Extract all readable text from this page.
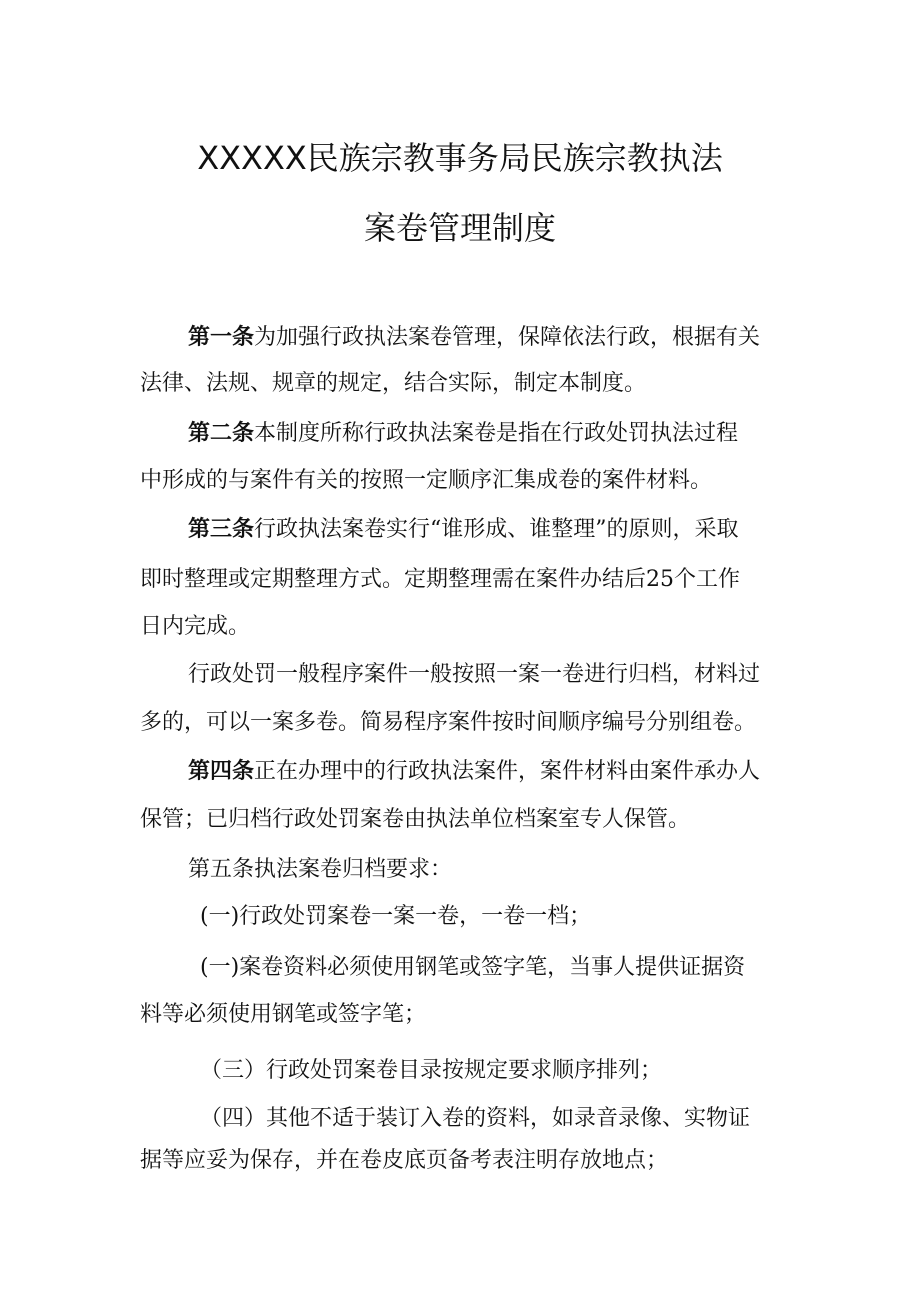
XXXXX民族宗教事务局民族宗教执法
案卷管理制度
第一条为加强行政执法案卷管理，保障依法行政，根据有关
法律、法规、规章的规定，结合实际，制定本制度。
第二条本制度所称行政执法案卷是指在行政处罚执法过程
中形成的与案件有关的按照一定顺序汇集成卷的案件材料。
第三条行政执法案卷实行“谁形成、谁整理”的原则，采取
即时整理或定期整理方式。定期整理需在案件办结后25个工作
日内完成。
行政处罚一般程序案件一般按照一案一卷进行归档，材料过
多的，可以一案多卷。简易程序案件按时间顺序编号分别组卷。
第四条正在办理中的行政执法案件，案件材料由案件承办人
保管；已归档行政处罚案卷由执法单位档案室专人保管。
第五条执法案卷归档要求：
(一)行政处罚案卷一案一卷，一卷一档；
(一)案卷资料必须使用钢笔或签字笔，当事人提供证据资
料等必须使用钢笔或签字笔；
（三）行政处罚案卷目录按规定要求顺序排列；
（四）其他不适于装订入卷的资料，如录音录像、实物证
据等应妥为保存，并在卷皮底页备考表注明存放地点；
